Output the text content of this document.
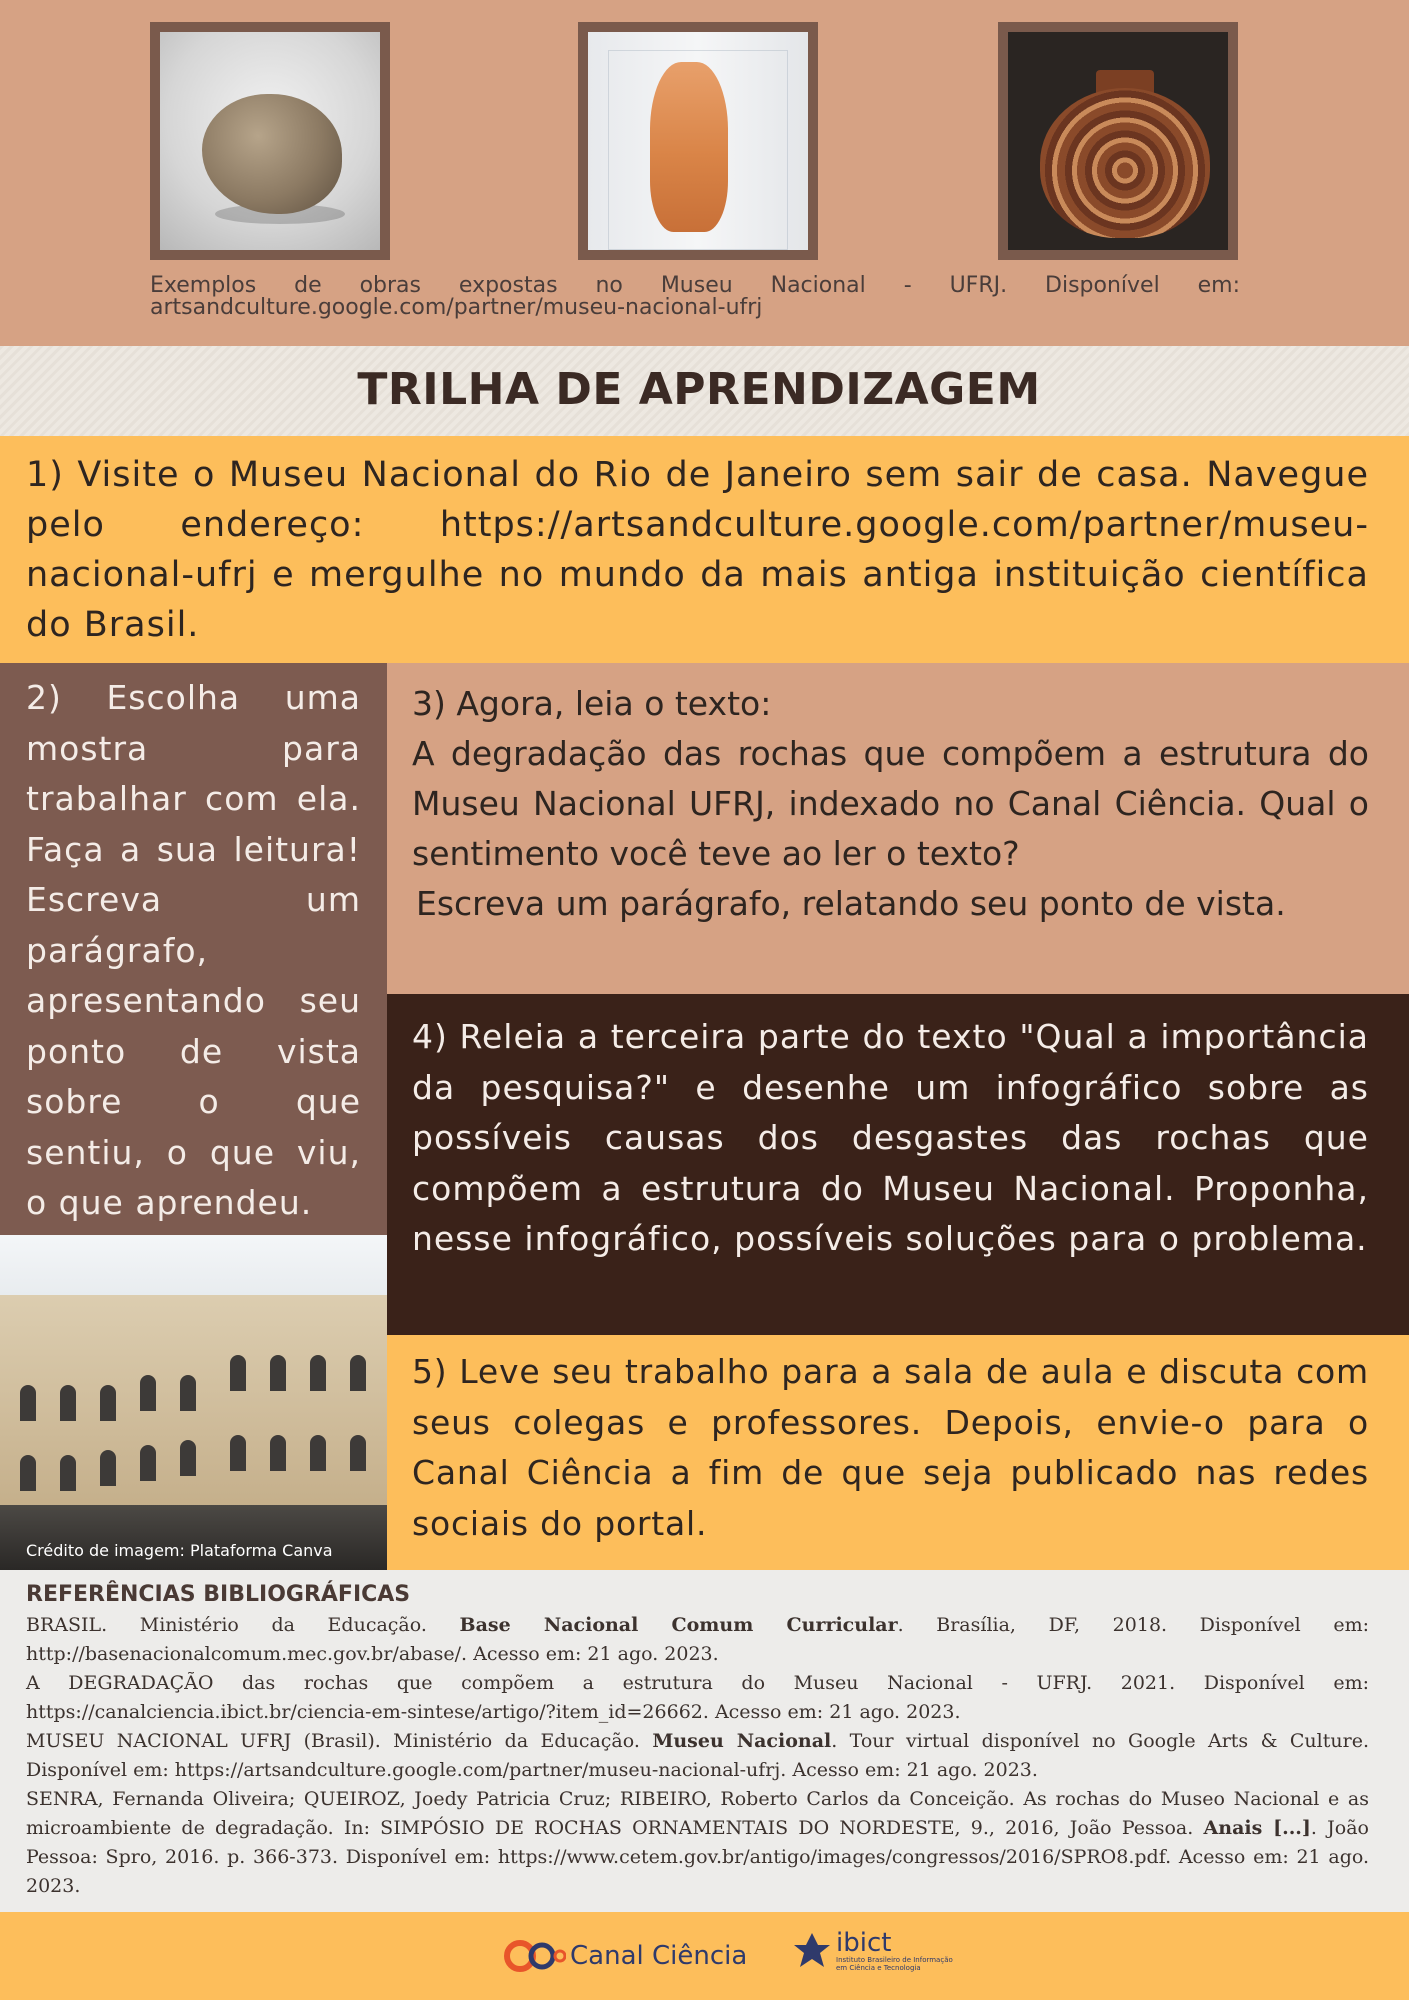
Exemplos de obras expostas no Museu Nacional - UFRJ. Disponível em:
artsandculture.google.com/partner/museu-nacional-ufrj
TRILHA DE APRENDIZAGEM

1) Visite o Museu Nacional do Rio de Janeiro sem sair de casa. Navegue pelo endereço: https://artsandculture.google.com/partner/museu-nacional-ufrj e mergulhe no mundo da mais antiga instituição científica do Brasil.

2) Escolha uma mostra para trabalhar com ela. Faça a sua leitura! Escreva um parágrafo, apresentando seu ponto de vista sobre o que sentiu, o que viu, o que aprendeu.

Crédito de imagem: Plataforma Canva

3) Agora, leia o texto:

A degradação das rochas que compõem a estrutura do Museu Nacional UFRJ, indexado no Canal Ciência. Qual o sentimento você teve ao ler o texto?

Escreva um parágrafo, relatando seu ponto de vista.

4) Releia a terceira parte do texto "Qual a importância da pesquisa?" e desenhe um infográfico sobre as possíveis causas dos desgastes das rochas que compõem a estrutura do Museu Nacional. Proponha, nesse infográfico, possíveis soluções para o problema.

5) Leve seu trabalho para a sala de aula e discuta com seus colegas e professores. Depois, envie-o para o Canal Ciência a fim de que seja publicado nas redes sociais do portal.

REFERÊNCIAS BIBLIOGRÁFICAS

BRASIL. Ministério da Educação. Base Nacional Comum Curricular. Brasília, DF, 2018. Disponível em: http://basenacionalcomum.mec.gov.br/abase/. Acesso em: 21 ago. 2023.

A DEGRADAÇÃO das rochas que compõem a estrutura do Museu Nacional - UFRJ. 2021. Disponível em: https://canalciencia.ibict.br/ciencia-em-sintese/artigo/?item_id=26662. Acesso em: 21 ago. 2023.

MUSEU NACIONAL UFRJ (Brasil). Ministério da Educação. Museu Nacional. Tour virtual disponível no Google Arts & Culture. Disponível em: https://artsandculture.google.com/partner/museu-nacional-ufrj. Acesso em: 21 ago. 2023.

SENRA, Fernanda Oliveira; QUEIROZ, Joedy Patricia Cruz; RIBEIRO, Roberto Carlos da Conceição. As rochas do Museo Nacional e as microambiente de degradação. In: SIMPÓSIO DE ROCHAS ORNAMENTAIS DO NORDESTE, 9., 2016, João Pessoa. Anais [...]. João Pessoa: Spro, 2016. p. 366-373. Disponível em: https://www.cetem.gov.br/antigo/images/congressos/2016/SPRO8.pdf. Acesso em: 21 ago. 2023.

Canal Ciência	ibict
Instituto Brasileiro de Informação
em Ciência e Tecnologia
